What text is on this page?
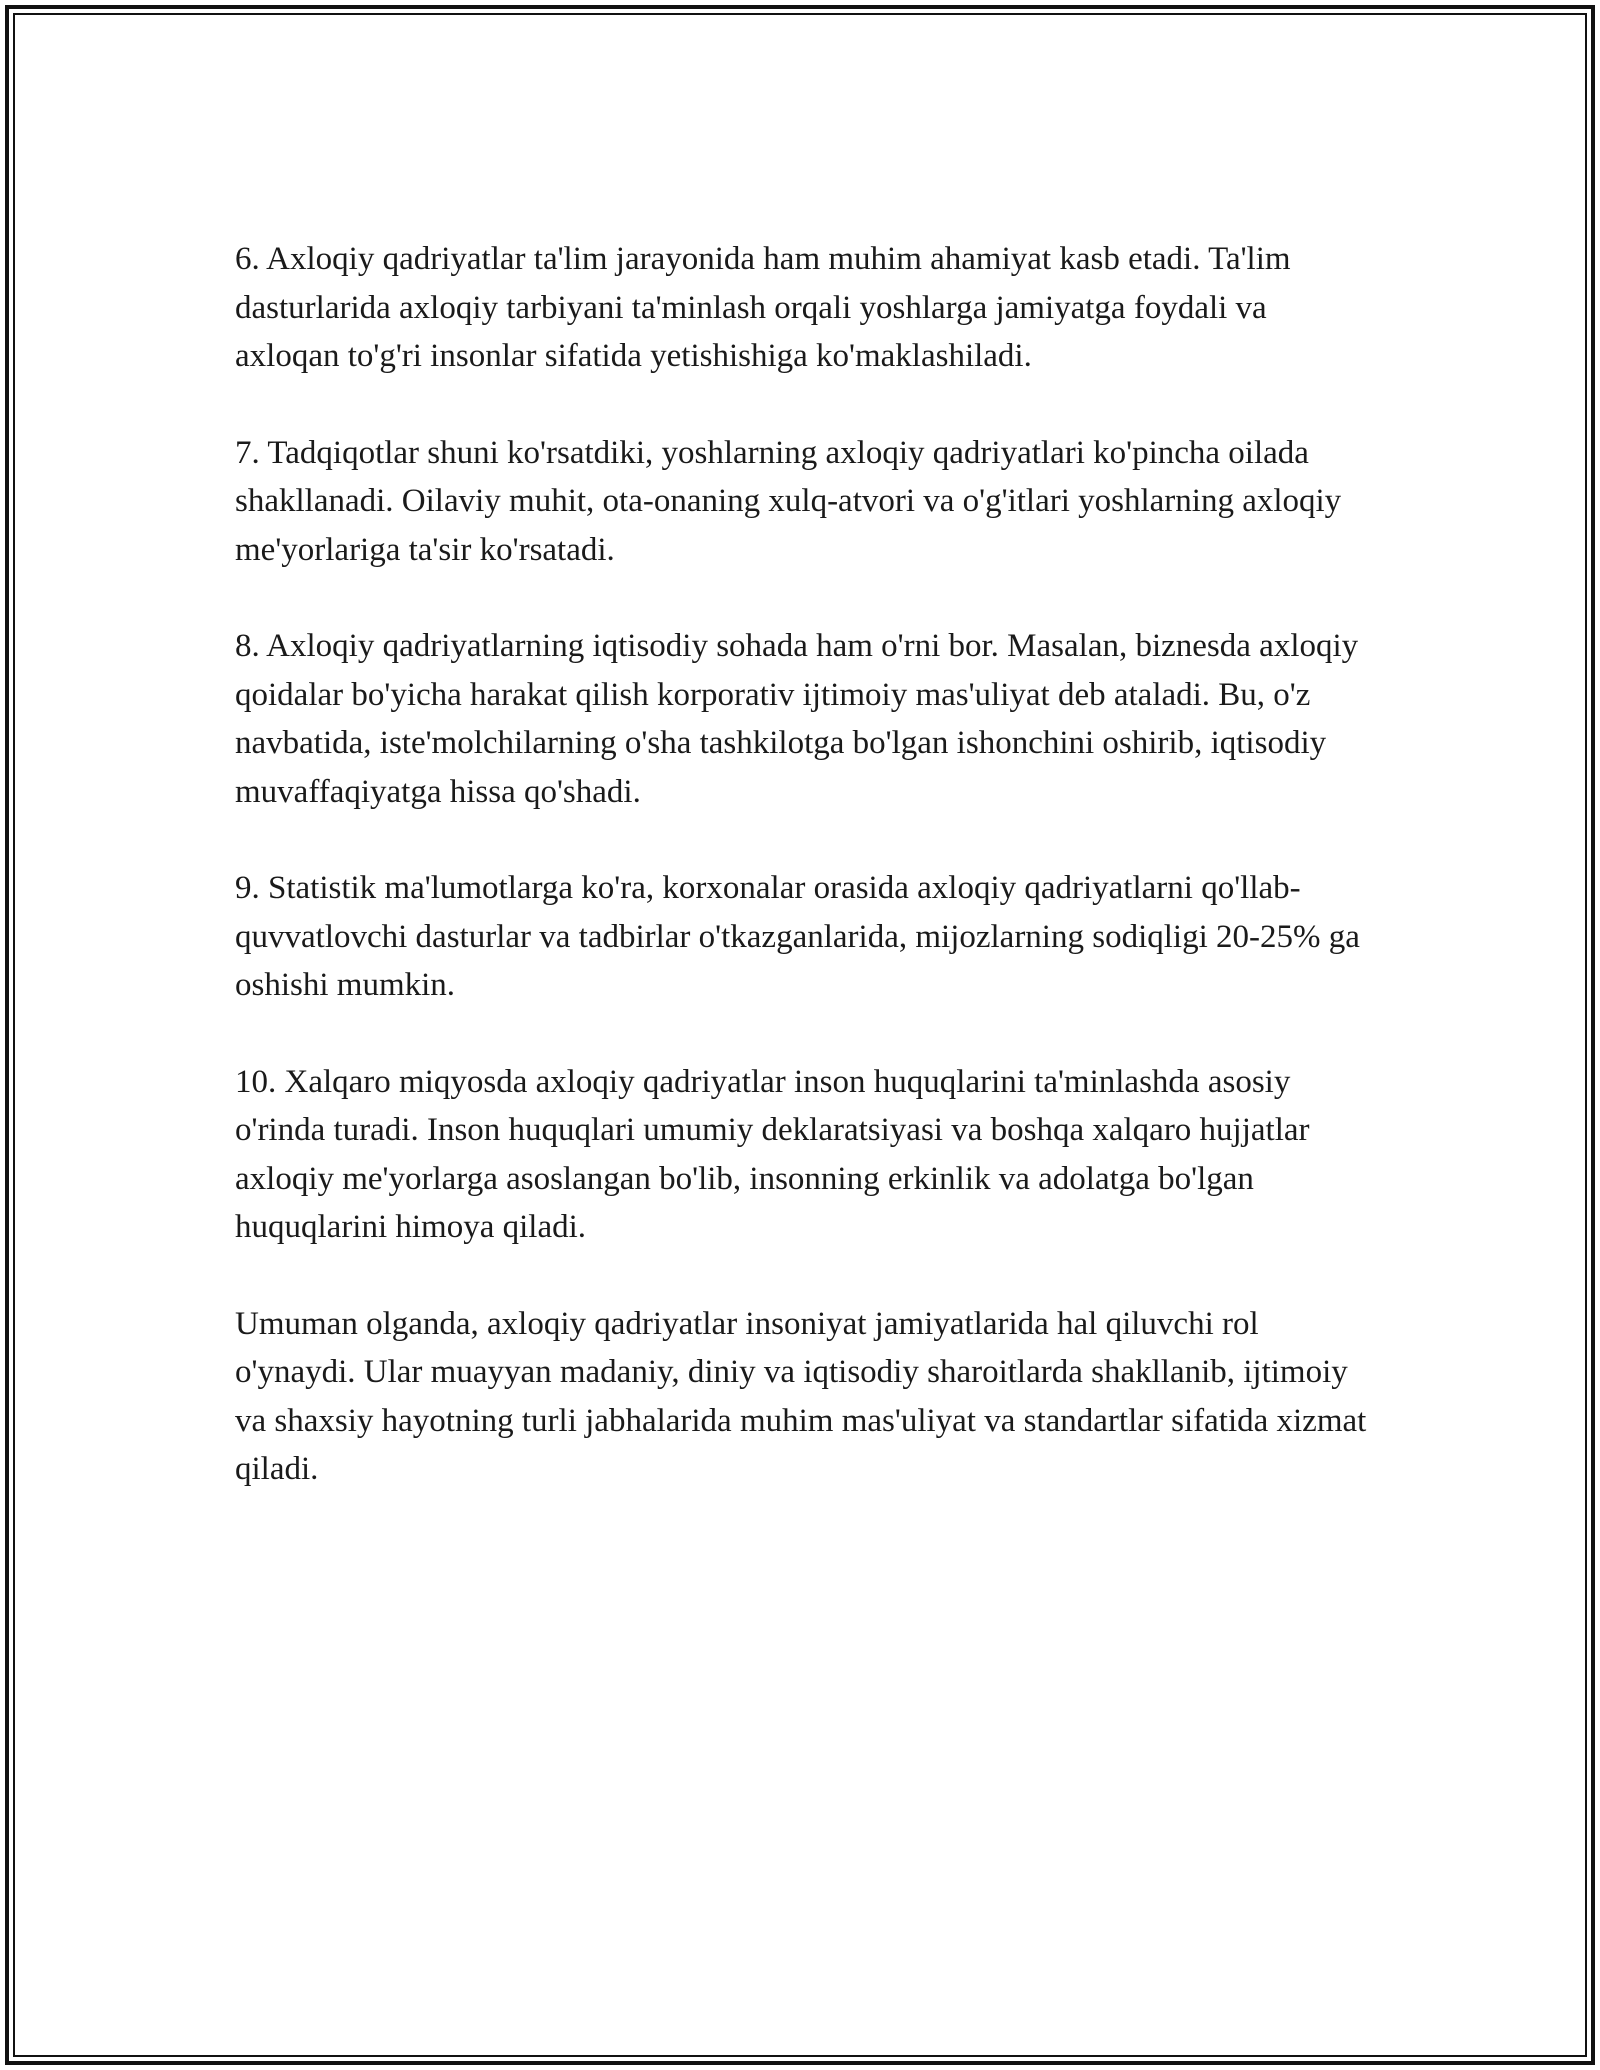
6. Axloqiy qadriyatlar ta'lim jarayonida ham muhim ahamiyat kasb etadi. Ta'lim dasturlarida axloqiy tarbiyani ta'minlash orqali yoshlarga jamiyatga foydali va axloqan to'g'ri insonlar sifatida yetishishiga ko'maklashiladi.

7. Tadqiqotlar shuni ko'rsatdiki, yoshlarning axloqiy qadriyatlari ko'pincha oilada shakllanadi. Oilaviy muhit, ota-onaning xulq-atvori va o'g'itlari yoshlarning axloqiy me'yorlariga ta'sir ko'rsatadi.

8. Axloqiy qadriyatlarning iqtisodiy sohada ham o'rni bor. Masalan, biznesda axloqiy qoidalar bo'yicha harakat qilish korporativ ijtimoiy mas'uliyat deb ataladi. Bu, o'z navbatida, iste'molchilarning o'sha tashkilotga bo'lgan ishonchini oshirib, iqtisodiy muvaffaqiyatga hissa qo'shadi.

9. Statistik ma'lumotlarga ko'ra, korxonalar orasida axloqiy qadriyatlarni qo'llab-quvvatlovchi dasturlar va tadbirlar o'tkazganlarida, mijozlarning sodiqligi 20-25% ga oshishi mumkin.

10. Xalqaro miqyosda axloqiy qadriyatlar inson huquqlarini ta'minlashda asosiy o'rinda turadi. Inson huquqlari umumiy deklaratsiyasi va boshqa xalqaro hujjatlar axloqiy me'yorlarga asoslangan bo'lib, insonning erkinlik va adolatga bo'lgan huquqlarini himoya qiladi.

Umuman olganda, axloqiy qadriyatlar insoniyat jamiyatlarida hal qiluvchi rol o'ynaydi. Ular muayyan madaniy, diniy va iqtisodiy sharoitlarda shakllanib, ijtimoiy va shaxsiy hayotning turli jabhalarida muhim mas'uliyat va standartlar sifatida xizmat qiladi.
